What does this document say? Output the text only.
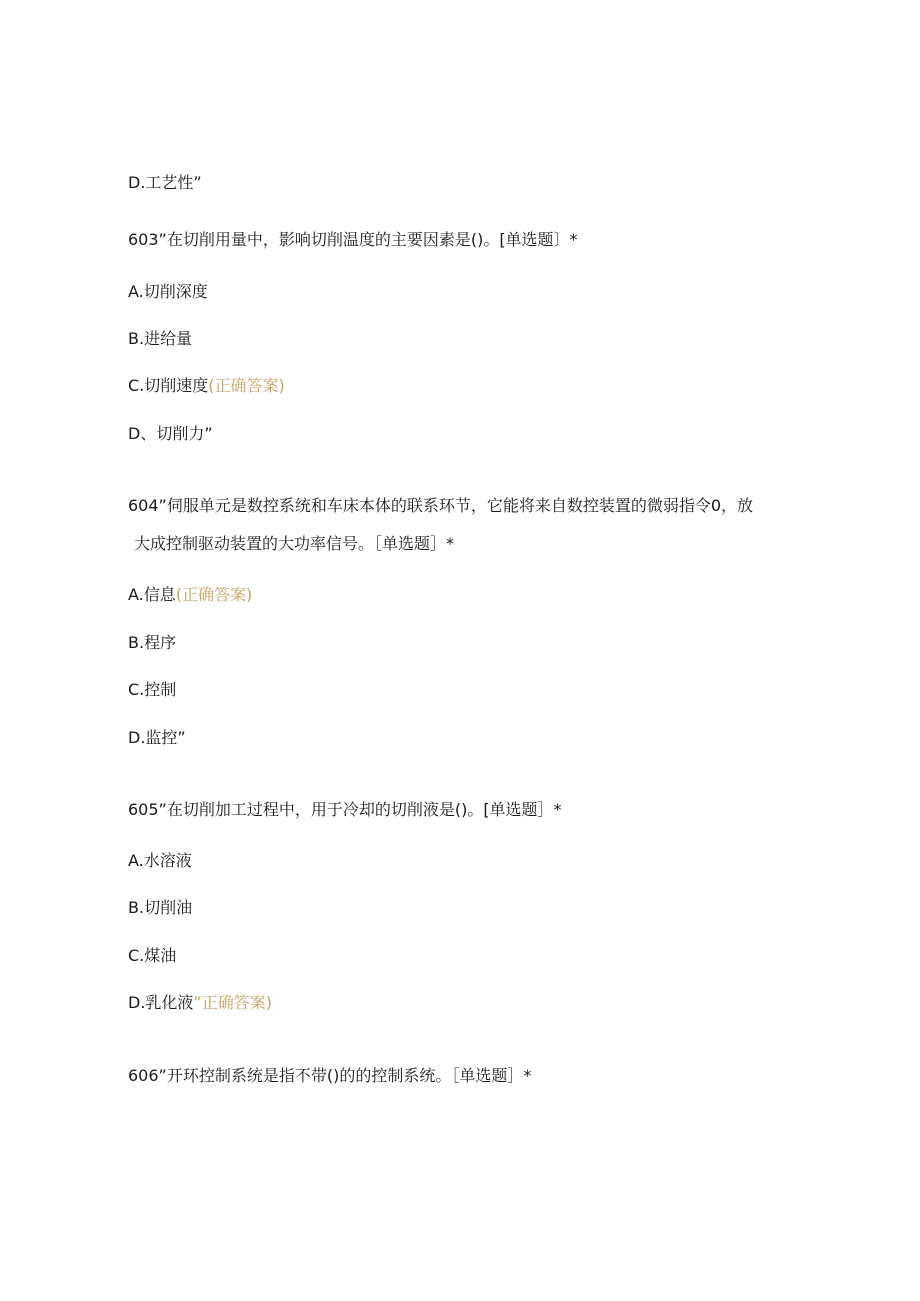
D.工艺性”
603”在切削用量中，影响切削温度的主要因素是()。[单选题〕*
A.切削深度
B.进给量
C.切削速度(正确答案)
D、切削力”
604”伺服单元是数控系统和车床本体的联系环节，它能将来自数控装置的微弱指令0，放
大成控制驱动装置的大功率信号。［单选题］*
A.信息(正确答案)
B.程序
C.控制
D.监控”
605”在切削加工过程中，用于冷却的切削液是()。[单选题］*
A.水溶液
B.切削油
C.煤油
D.乳化液”正确答案)
606”开环控制系统是指不带()的的控制系统。［单选题］*
